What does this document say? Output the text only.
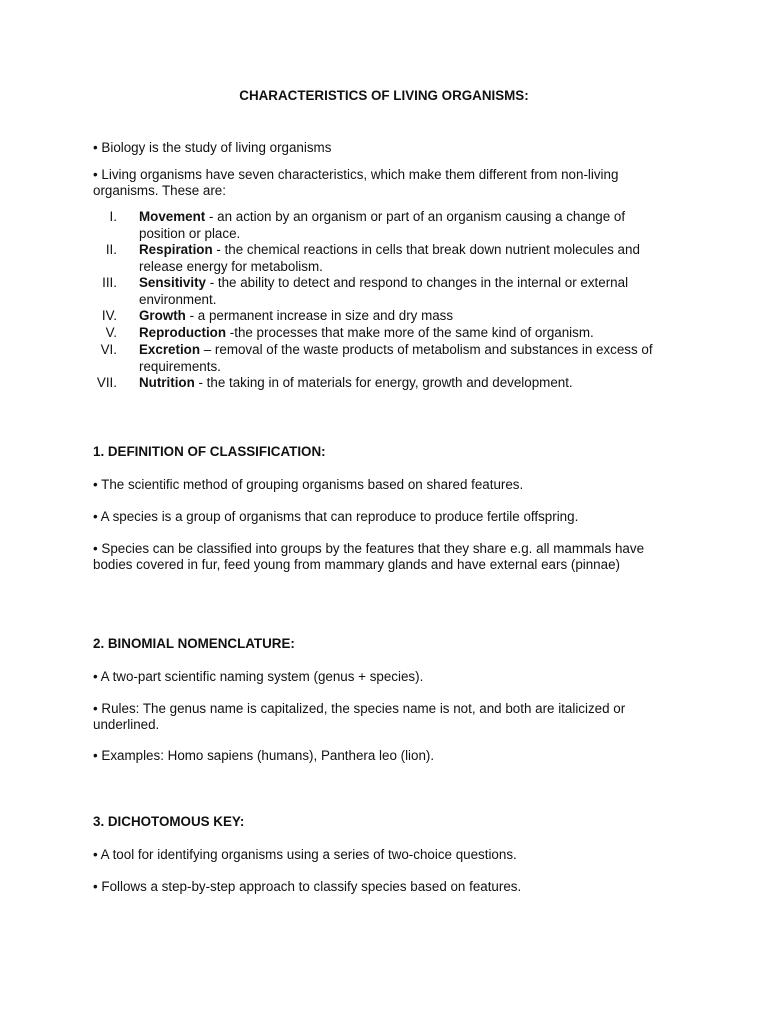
CHARACTERISTICS OF LIVING ORGANISMS:

• Biology is the study of living organisms

• Living organisms have seven characteristics, which make them different from non-living organisms. These are:

I. Movement - an action by an organism or part of an organism causing a change of position or place.
II. Respiration - the chemical reactions in cells that break down nutrient molecules and release energy for metabolism.
III. Sensitivity - the ability to detect and respond to changes in the internal or external environment.
IV. Growth - a permanent increase in size and dry mass
V. Reproduction -the processes that make more of the same kind of organism.
VI. Excretion – removal of the waste products of metabolism and substances in excess of requirements.
VII. Nutrition - the taking in of materials for energy, growth and development.
1. DEFINITION OF CLASSIFICATION:

• The scientific method of grouping organisms based on shared features.

• A species is a group of organisms that can reproduce to produce fertile offspring.

• Species can be classified into groups by the features that they share e.g. all mammals have bodies covered in fur, feed young from mammary glands and have external ears (pinnae)

2. BINOMIAL NOMENCLATURE:

• A two-part scientific naming system (genus + species).

• Rules: The genus name is capitalized, the species name is not, and both are italicized or underlined.

• Examples: Homo sapiens (humans), Panthera leo (lion).

3. DICHOTOMOUS KEY:

• A tool for identifying organisms using a series of two-choice questions.

• Follows a step-by-step approach to classify species based on features.
